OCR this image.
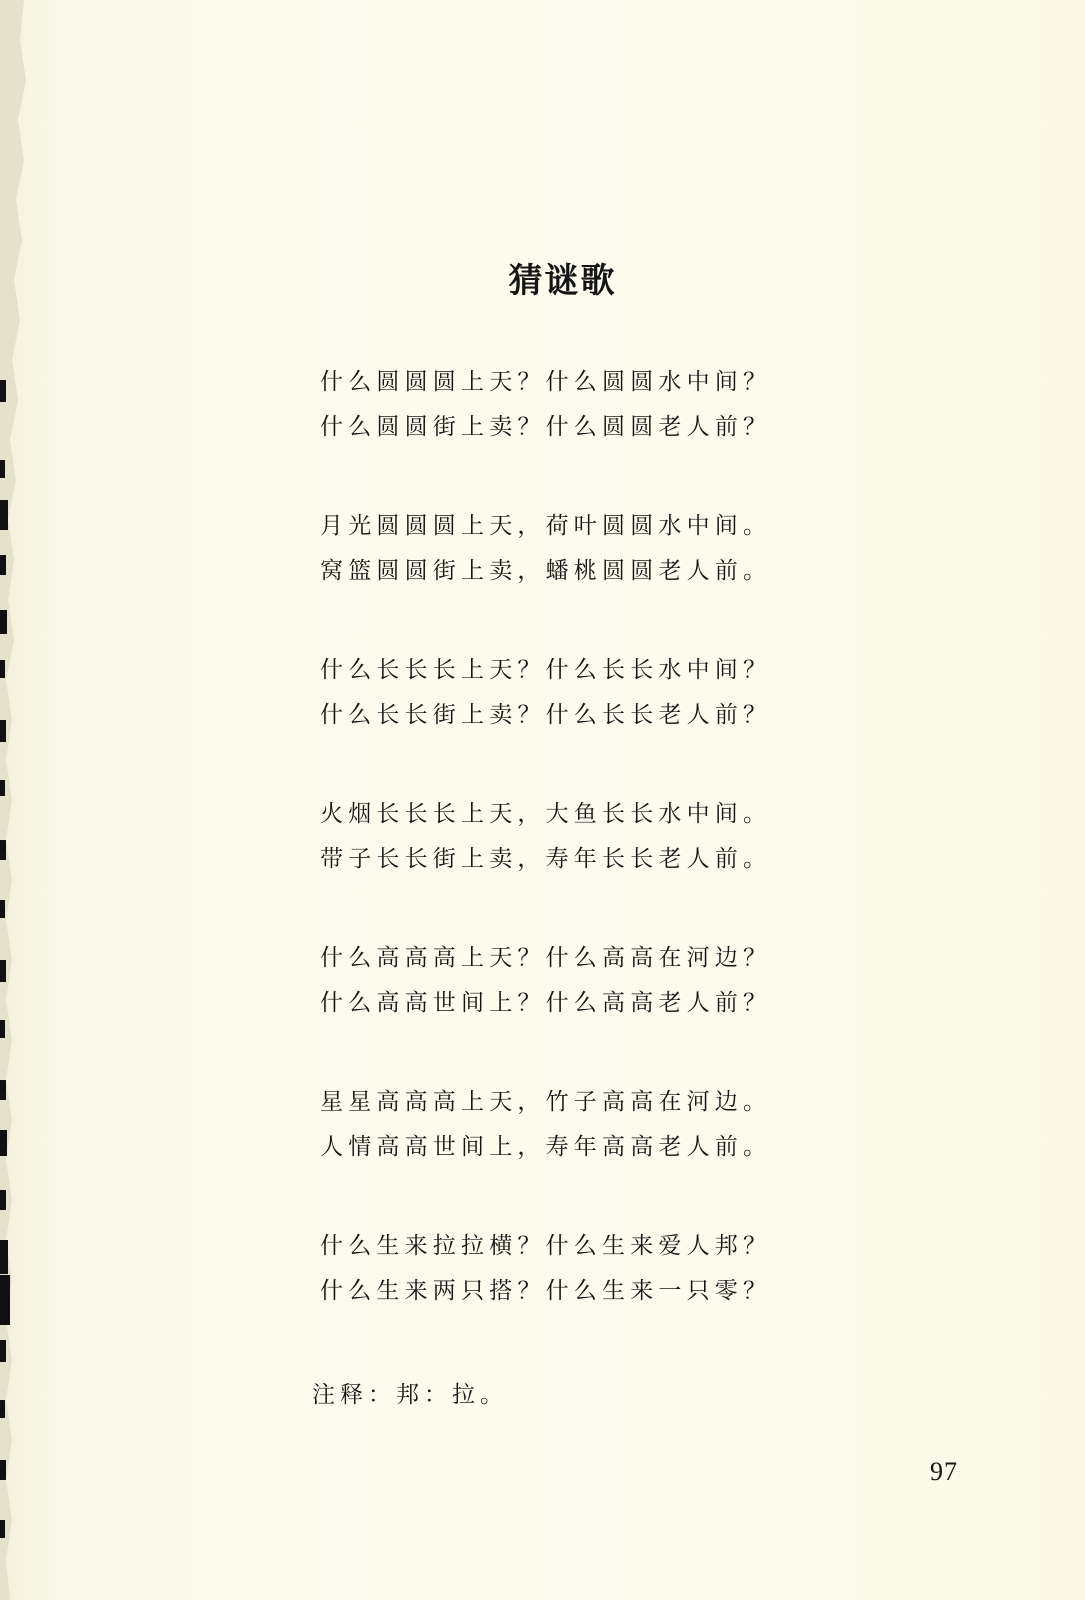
猜谜歌
什么圆圆圆上天？什么圆圆水中间？
什么圆圆街上卖？什么圆圆老人前？
月光圆圆圆上天，荷叶圆圆水中间。
窝篮圆圆街上卖，蟠桃圆圆老人前。
什么长长长上天？什么长长水中间？
什么长长街上卖？什么长长老人前？
火烟长长长上天，大鱼长长水中间。
带子长长街上卖，寿年长长老人前。
什么高高高上天？什么高高在河边？
什么高高世间上？什么高高老人前？
星星高高高上天，竹子高高在河边。
人情高高世间上，寿年高高老人前。
什么生来拉拉横？什么生来爱人邦？
什么生来两只搭？什么生来一只零？
注释：邦：拉。
97
